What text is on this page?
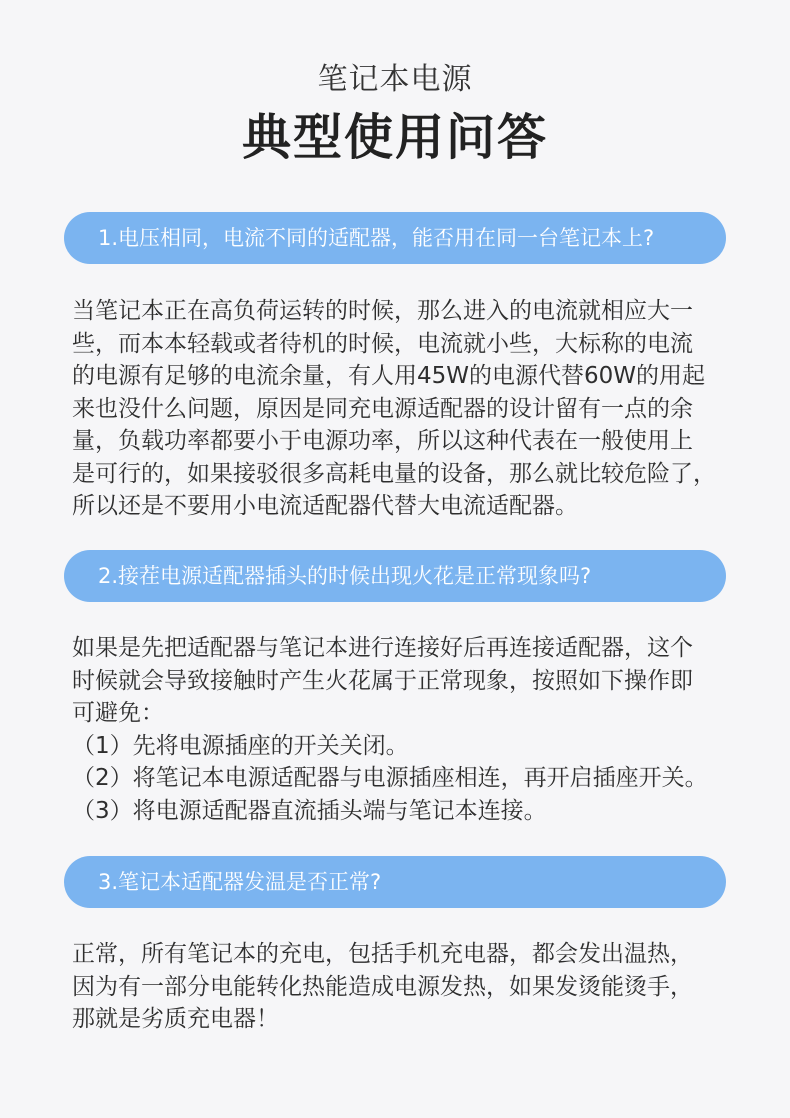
笔记本电源
典型使用问答
1.电压相同，电流不同的适配器，能否用在同一台笔记本上?
当笔记本正在高负荷运转的时候，那么进入的电流就相应大一
些，而本本轻载或者待机的时候，电流就小些，大标称的电流
的电源有足够的电流余量，有人用45W的电源代替60W的用起
来也没什么问题，原因是同充电源适配器的设计留有一点的余
量，负载功率都要小于电源功率，所以这种代表在一般使用上
是可行的，如果接驳很多高耗电量的设备，那么就比较危险了，
所以还是不要用小电流适配器代替大电流适配器。
2.接茬电源适配器插头的时候出现火花是正常现象吗?
如果是先把适配器与笔记本进行连接好后再连接适配器，这个
时候就会导致接触时产生火花属于正常现象，按照如下操作即
可避免：
（1）先将电源插座的开关关闭。
（2）将笔记本电源适配器与电源插座相连，再开启插座开关。
（3）将电源适配器直流插头端与笔记本连接。
3.笔记本适配器发温是否正常?
正常，所有笔记本的充电，包括手机充电器，都会发出温热，
因为有一部分电能转化热能造成电源发热，如果发烫能烫手，
那就是劣质充电器！
